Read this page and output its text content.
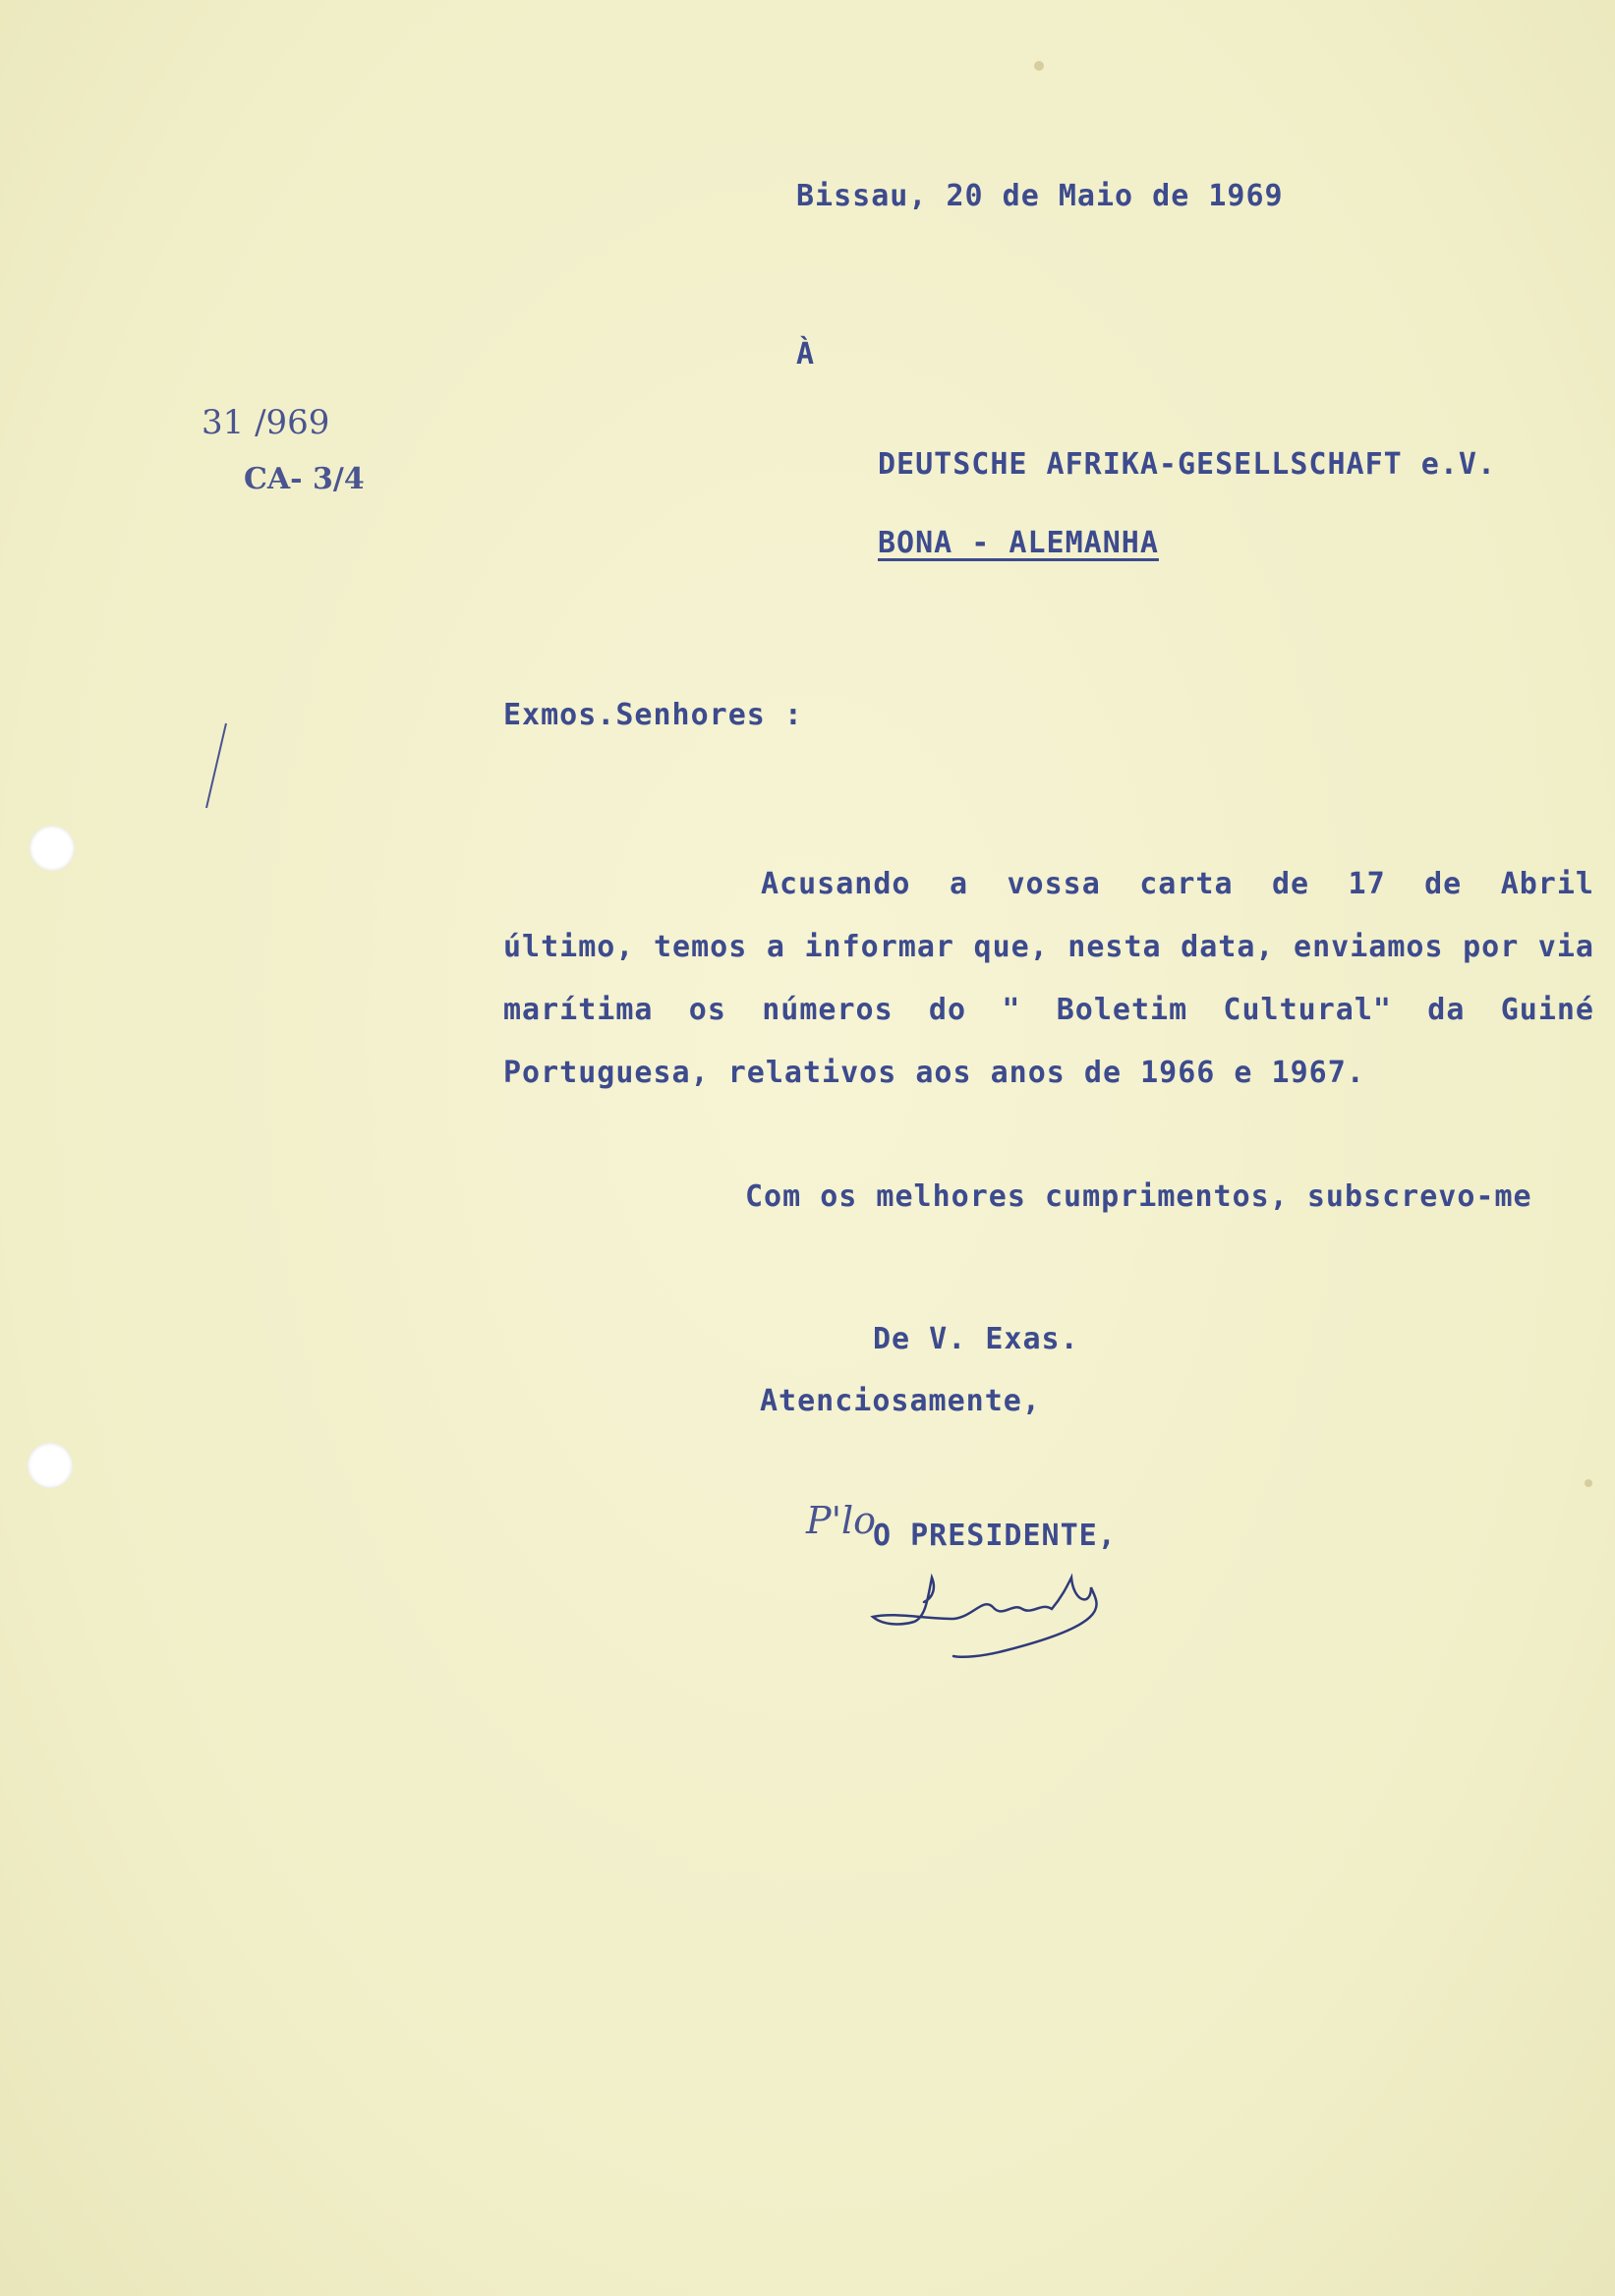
Bissau, 20 de Maio de 1969
À
31 /969
CA- 3/4	DEUTSCHE AFRIKA-GESELLSCHAFT e.V.
BONA - ALEMANHA
Exmos.Senhores :
Acusando a vossa carta de 17 de Abril último, temos a informar que, nesta data, enviamos por via marítima os números do " Boletim Cultural" da Guiné Portuguesa, relativos aos anos de 1966 e 1967.
Com os melhores cumprimentos, subscrevo-me
De V. Exas.
Atenciosamente,
P'lo
O PRESIDENTE,
J Lenal
